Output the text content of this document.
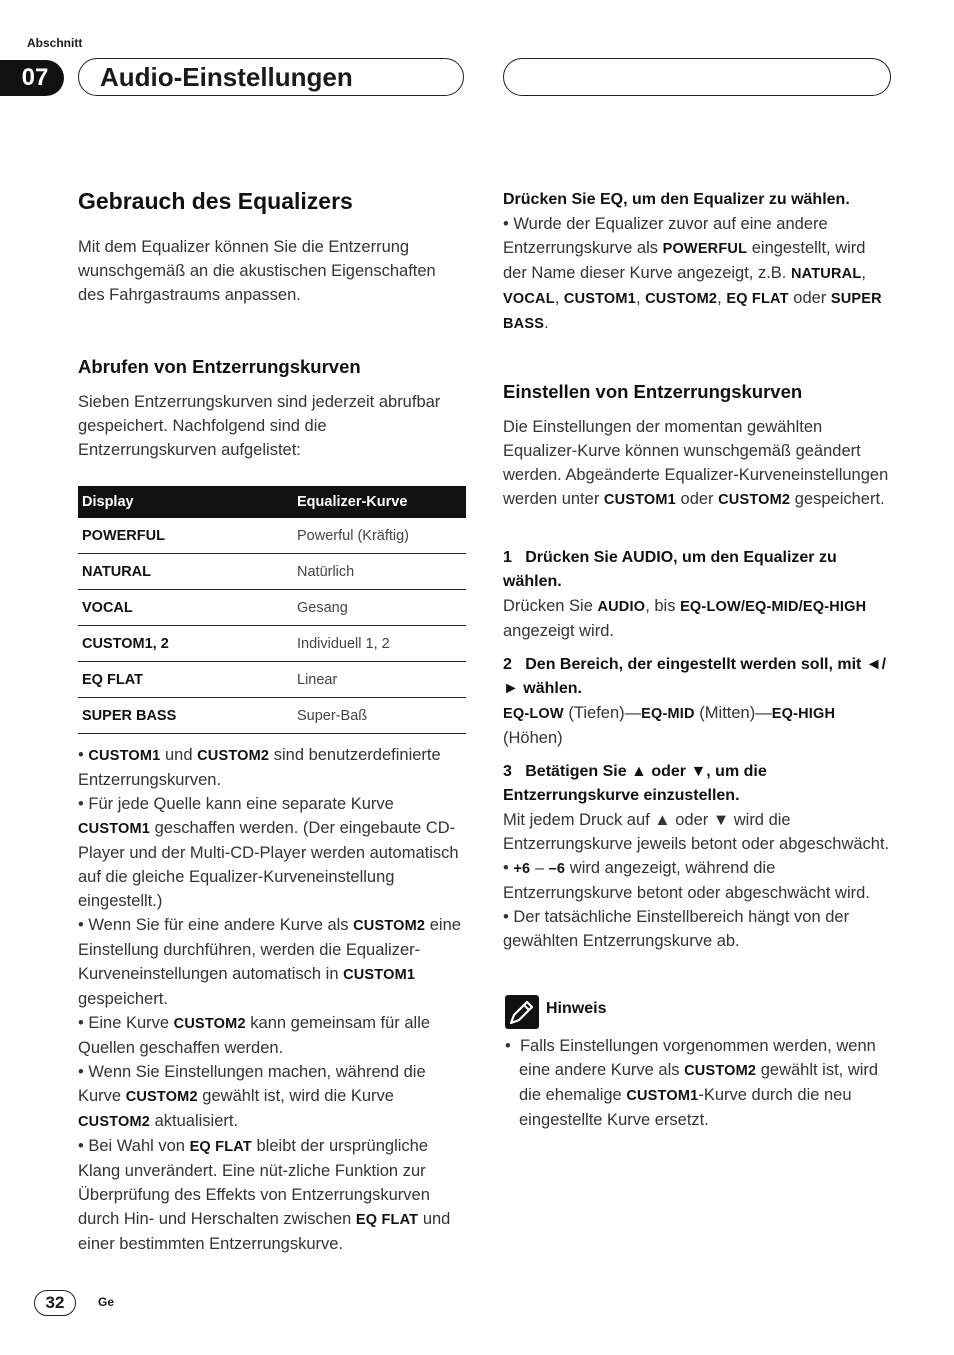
Abschnitt
07	Audio-Einstellungen
Gebrauch des Equalizers

Mit dem Equalizer können Sie die Entzerrung wunschgemäß an die akustischen Eigenschaften des Fahrgastraums anpassen.

Abrufen von Entzerrungskurven

Sieben Entzerrungskurven sind jederzeit abrufbar gespeichert. Nachfolgend sind die Entzerrungskurven aufgelistet:

Display	Equalizer-Kurve
POWERFUL	Powerful (Kräftig)
NATURAL	Natürlich
VOCAL	Gesang
CUSTOM1, 2	Individuell 1, 2
EQ FLAT	Linear
SUPER BASS	Super-Baß

• CUSTOM1 und CUSTOM2 sind benutzerdefinierte Entzerrungskurven.

• Für jede Quelle kann eine separate Kurve CUSTOM1 geschaffen werden. (Der eingebaute CD-Player und der Multi-CD-Player werden automatisch auf die gleiche Equalizer-Kurveneinstellung eingestellt.)

• Wenn Sie für eine andere Kurve als CUSTOM2 eine Einstellung durchführen, werden die Equalizer-Kurveneinstellungen automatisch in CUSTOM1 gespeichert.

• Eine Kurve CUSTOM2 kann gemeinsam für alle Quellen geschaffen werden.

• Wenn Sie Einstellungen machen, während die Kurve CUSTOM2 gewählt ist, wird die Kurve CUSTOM2 aktualisiert.

• Bei Wahl von EQ FLAT bleibt der ursprüngliche Klang unverändert. Eine nüt-zliche Funktion zur Überprüfung des Effekts von Entzerrungskurven durch Hin- und Herschalten zwischen EQ FLAT und einer bestimmten Entzerrungskurve.

Drücken Sie EQ, um den Equalizer zu wählen.

• Wurde der Equalizer zuvor auf eine andere Entzerrungskurve als POWERFUL eingestellt, wird der Name dieser Kurve angezeigt, z.B. NATURAL, VOCAL, CUSTOM1, CUSTOM2, EQ FLAT oder SUPER BASS.

Einstellen von Entzerrungskurven

Die Einstellungen der momentan gewählten Equalizer-Kurve können wunschgemäß geändert werden. Abgeänderte Equalizer-Kurveneinstellungen werden unter CUSTOM1 oder CUSTOM2 gespeichert.

1 Drücken Sie AUDIO, um den Equalizer zu wählen.

Drücken Sie AUDIO, bis EQ-LOW/EQ-MID/EQ-HIGH angezeigt wird.

2 Den Bereich, der eingestellt werden soll, mit ◄/► wählen.

EQ-LOW (Tiefen)—EQ-MID (Mitten)—EQ-HIGH (Höhen)

3 Betätigen Sie ▲ oder ▼, um die Entzerrungskurve einzustellen.

Mit jedem Druck auf ▲ oder ▼ wird die Entzerrungskurve jeweils betont oder abgeschwächt.

• +6 – –6 wird angezeigt, während die Entzerrungskurve betont oder abgeschwächt wird.

• Der tatsächliche Einstellbereich hängt von der gewählten Entzerrungskurve ab.

Hinweis

•  Falls Einstellungen vorgenommen werden, wenn eine andere Kurve als CUSTOM2 gewählt ist, wird die ehemalige CUSTOM1-Kurve durch die neu eingestellte Kurve ersetzt.

32	Ge
